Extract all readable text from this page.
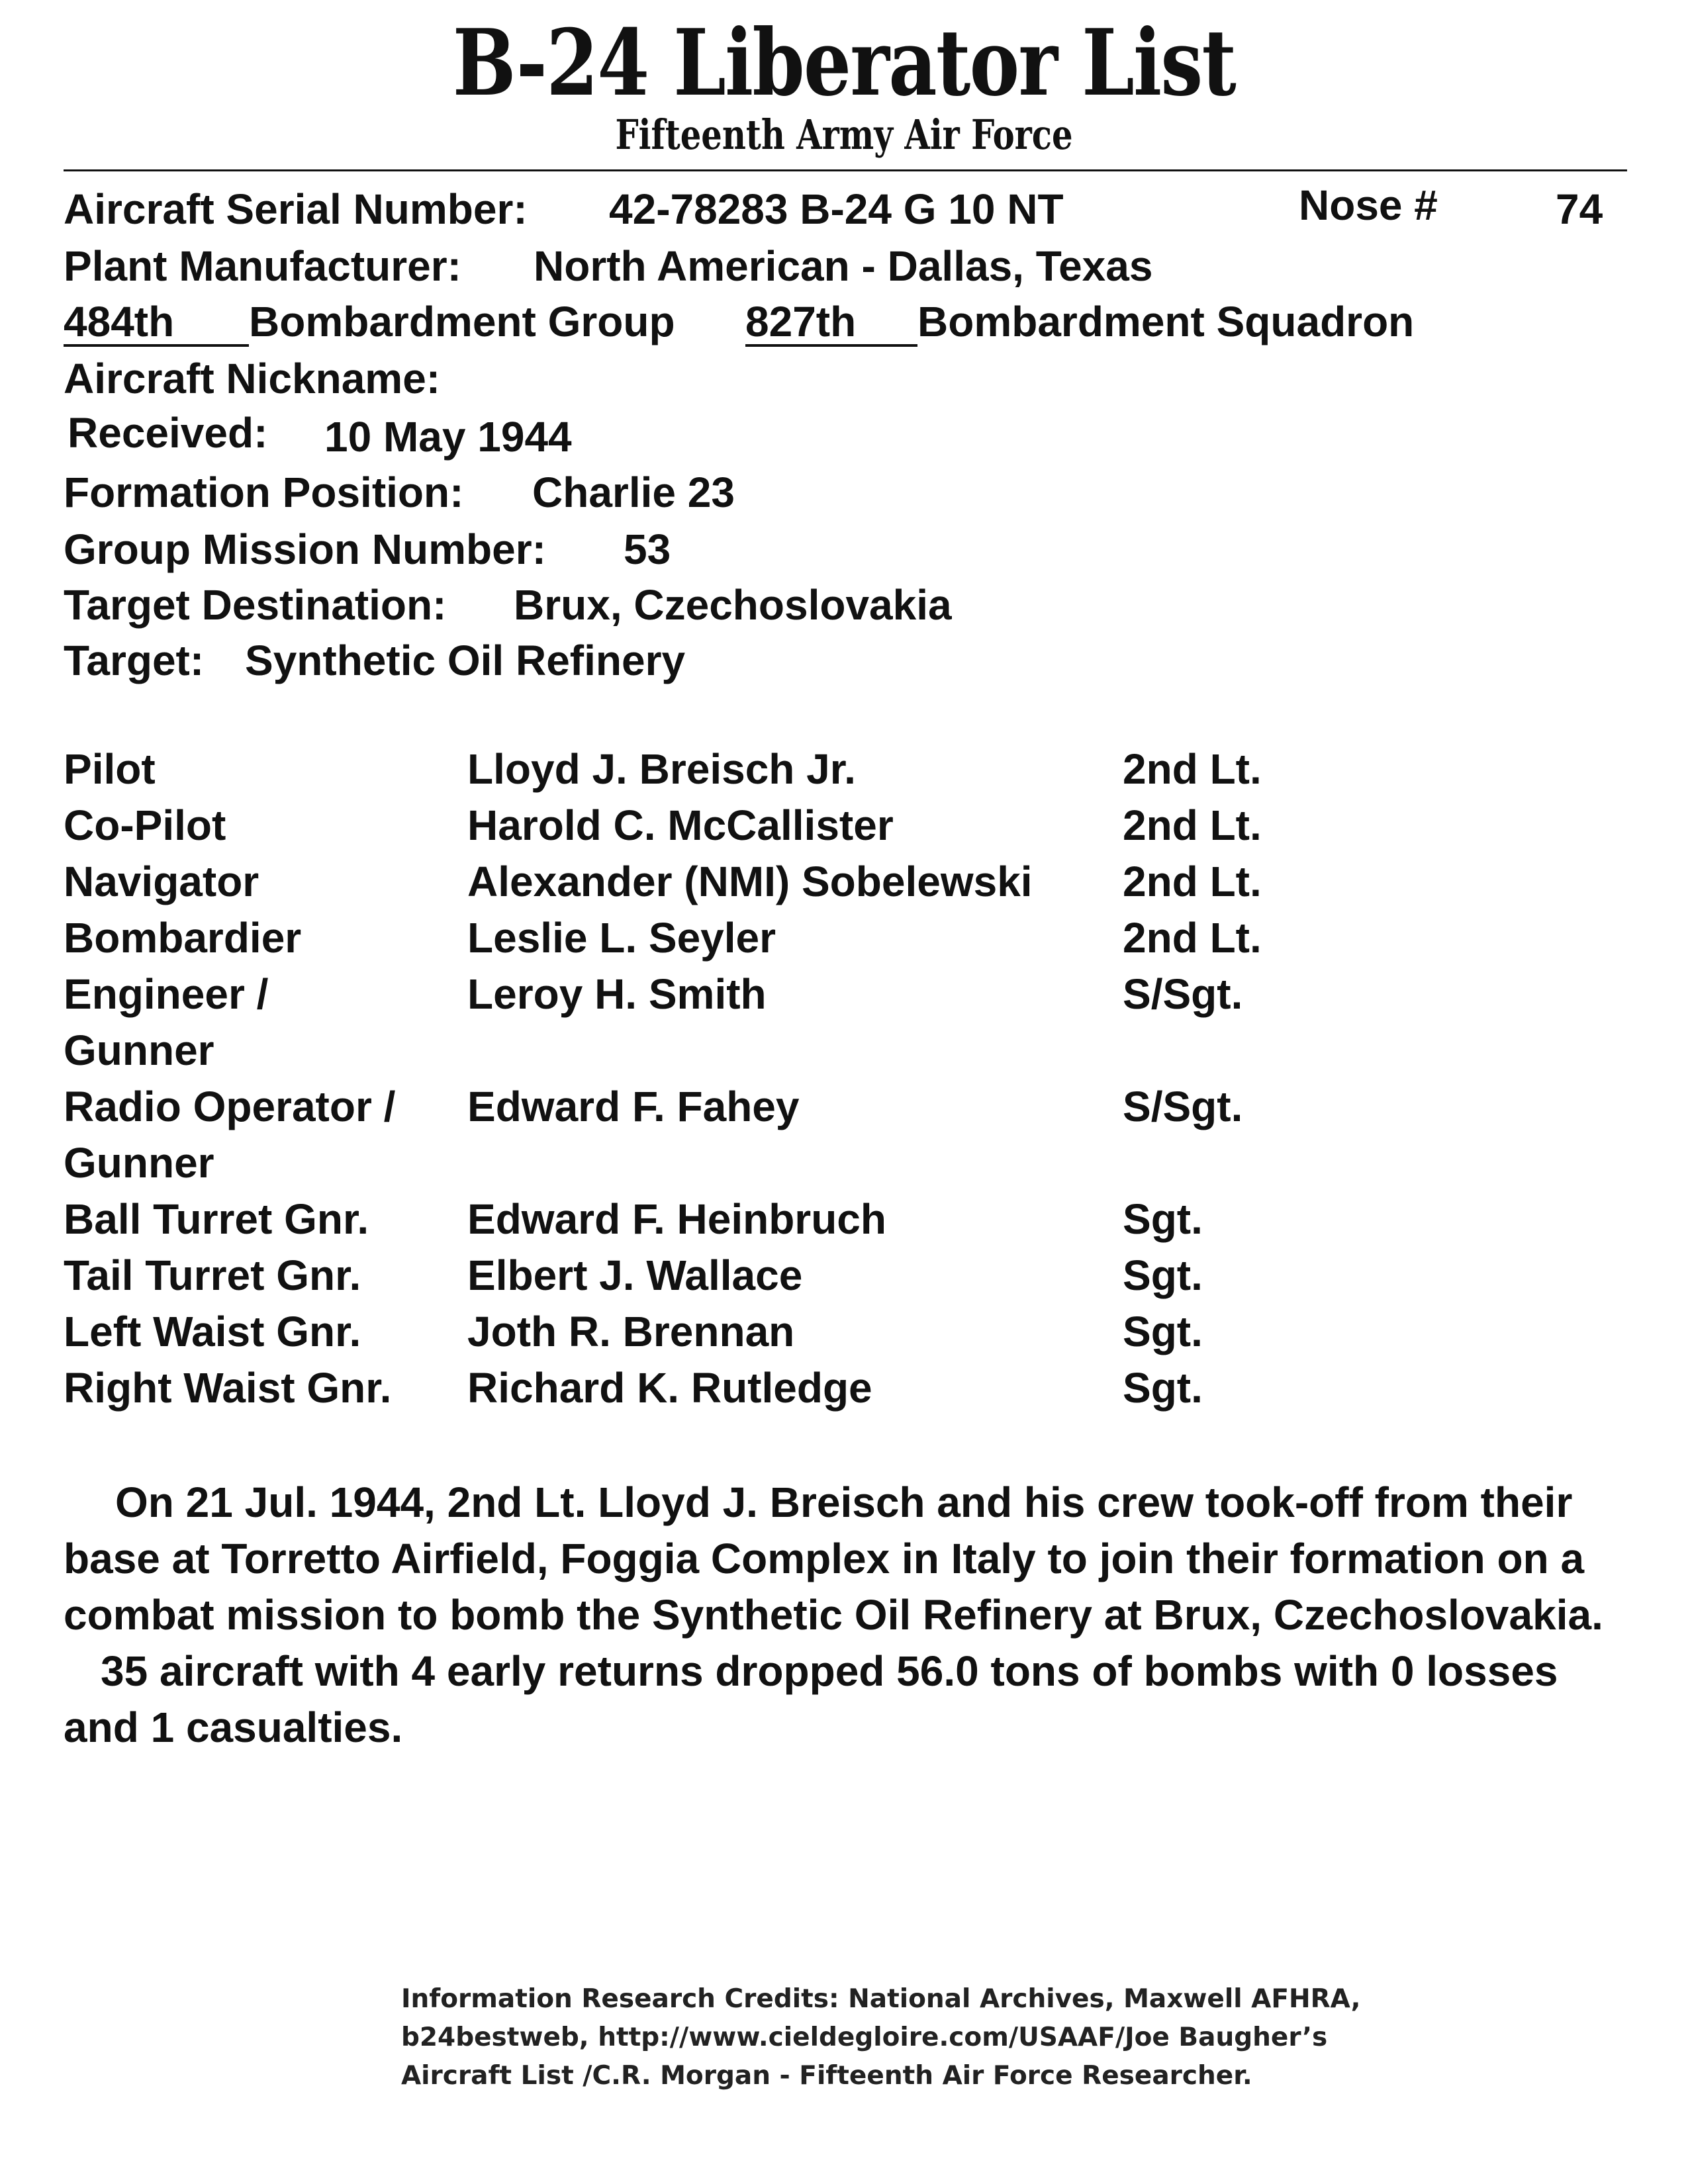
B-24 Liberator List
Fifteenth Army Air Force
Aircraft Serial Number: 42-78283 B-24 G 10 NT	Nose #	74
Plant Manufacturer: North American - Dallas, Texas
484th Bombardment Group 827th Bombardment Squadron
Aircraft Nickname:
Received: 10 May 1944
Formation Position: Charlie 23
Group Mission Number: 53
Target Destination: Brux, Czechoslovakia
Target: Synthetic Oil Refinery
Pilot	Lloyd J. Breisch Jr.	2nd Lt.
Co-Pilot	Harold C. McCallister	2nd Lt.
Navigator	Alexander (NMI) Sobelewski	2nd Lt.
Bombardier	Leslie L. Seyler	2nd Lt.
Engineer /	Leroy H. Smith	S/Sgt.
Gunner
Radio Operator /	Edward F. Fahey	S/Sgt.
Gunner
Ball Turret Gnr.	Edward F. Heinbruch	Sgt.
Tail Turret Gnr.	Elbert J. Wallace	Sgt.
Left Waist Gnr.	Joth R. Brennan	Sgt.
Right Waist Gnr.	Richard K. Rutledge	Sgt.

On 21 Jul. 1944, 2nd Lt. Lloyd J. Breisch and his crew took-off from their base at Torretto Airfield, Foggia Complex in Italy to join their formation on a combat mission to bomb the Synthetic Oil Refinery at Brux, Czechoslovakia.

35 aircraft with 4 early returns dropped 56.0 tons of bombs with 0 losses and 1 casualties.

Information Research Credits: National Archives, Maxwell AFHRA,
b24bestweb, http://www.cieldegloire.com/USAAF/Joe Baugher’s
Aircraft List /C.R. Morgan - Fifteenth Air Force Researcher.
